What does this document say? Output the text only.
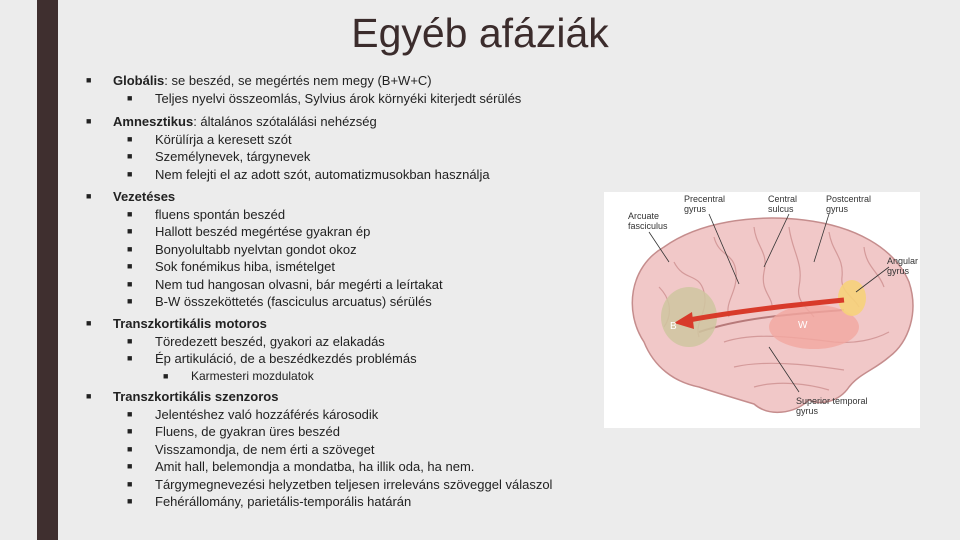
Egyéb afáziák
■ Globális: se beszéd, se megértés nem megy (B+W+C)
■ Teljes nyelvi összeomlás, Sylvius árok környéki kiterjedt sérülés
■ Amnesztikus: általános szótalálási nehézség
■ Körülírja a keresett szót
■ Személynevek, tárgynevek
■ Nem felejti el az adott szót, automatizmusokban használja
■ Vezetéses
■ fluens spontán beszéd
■ Hallott beszéd megértése gyakran ép
■ Bonyolultabb nyelvtan gondot okoz
■ Sok fonémikus hiba, ismételget
■ Nem tud hangosan olvasni, bár megérti a leírtakat
■ B-W összeköttetés (fasciculus arcuatus) sérülés
■ Transzkortikális motoros
■ Töredezett beszéd, gyakori az elakadás
■ Ép artikuláció, de a beszédkezdés problémás
■ Karmesteri mozdulatok
■ Transzkortikális szenzoros
■ Jelentéshez való hozzáférés károsodik
■ Fluens, de gyakran üres beszéd
■ Visszamondja, de nem érti a szöveget
■ Amit hall, belemondja a mondatba, ha illik oda, ha nem.
■ Tárgymegnevezési helyzetben teljesen irreleváns szöveggel válaszol
■ Fehérállomány, parietális-temporális határán
Precentral
gyrus
Central
sulcus
Postcentral
gyrus
Arcuate
fasciculus
Angular
gyrus
Superior temporal
gyrus
B	W
